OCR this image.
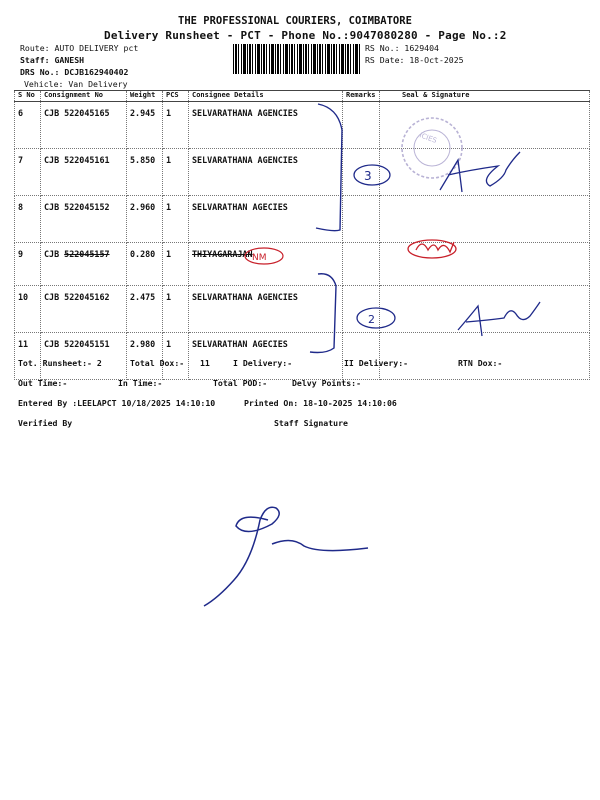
THE PROFESSIONAL COURIERS, COIMBATORE
Delivery Runsheet - PCT - Phone No.:9047080280 - Page No.:2
Route: AUTO DELIVERY pct
Staff: GANESH
DRS No.: DCJB162940402
Vehicle: Van Delivery
RS No.: 1629404
RS Date: 18-Oct-2025
S No	Consignment No	Weight	PCS	Consignee Details	Remarks	Seal & Signature
6	CJB 522045165	2.945	1	SELVARATHANA AGENCIES		
7	CJB 522045161	5.850	1	SELVARATHANA AGENCIES		
8	CJB 522045152	2.960	1	SELVARATHAN AGECIES		
9	CJB 522045157	0.280	1	THIYAGARAJAN		
10	CJB 522045162	2.475	1	SELVARATHANA AGENCIES		
11	CJB 522045151	2.980	1	SELVARATHAN AGECIES		
Tot. Runsheet:- 2	Total Dox:- 11	I Delivery:-	II Delivery:-	RTN Dox:-
Out Time:-	In Time:-	Total POD:-	Delvy Points:-
Entered By :LEELAPCT 10/18/2025 14:10:10	Printed On: 18-10-2025 14:10:06
Verified By	Staff Signature
ICIES
3
NM
2
